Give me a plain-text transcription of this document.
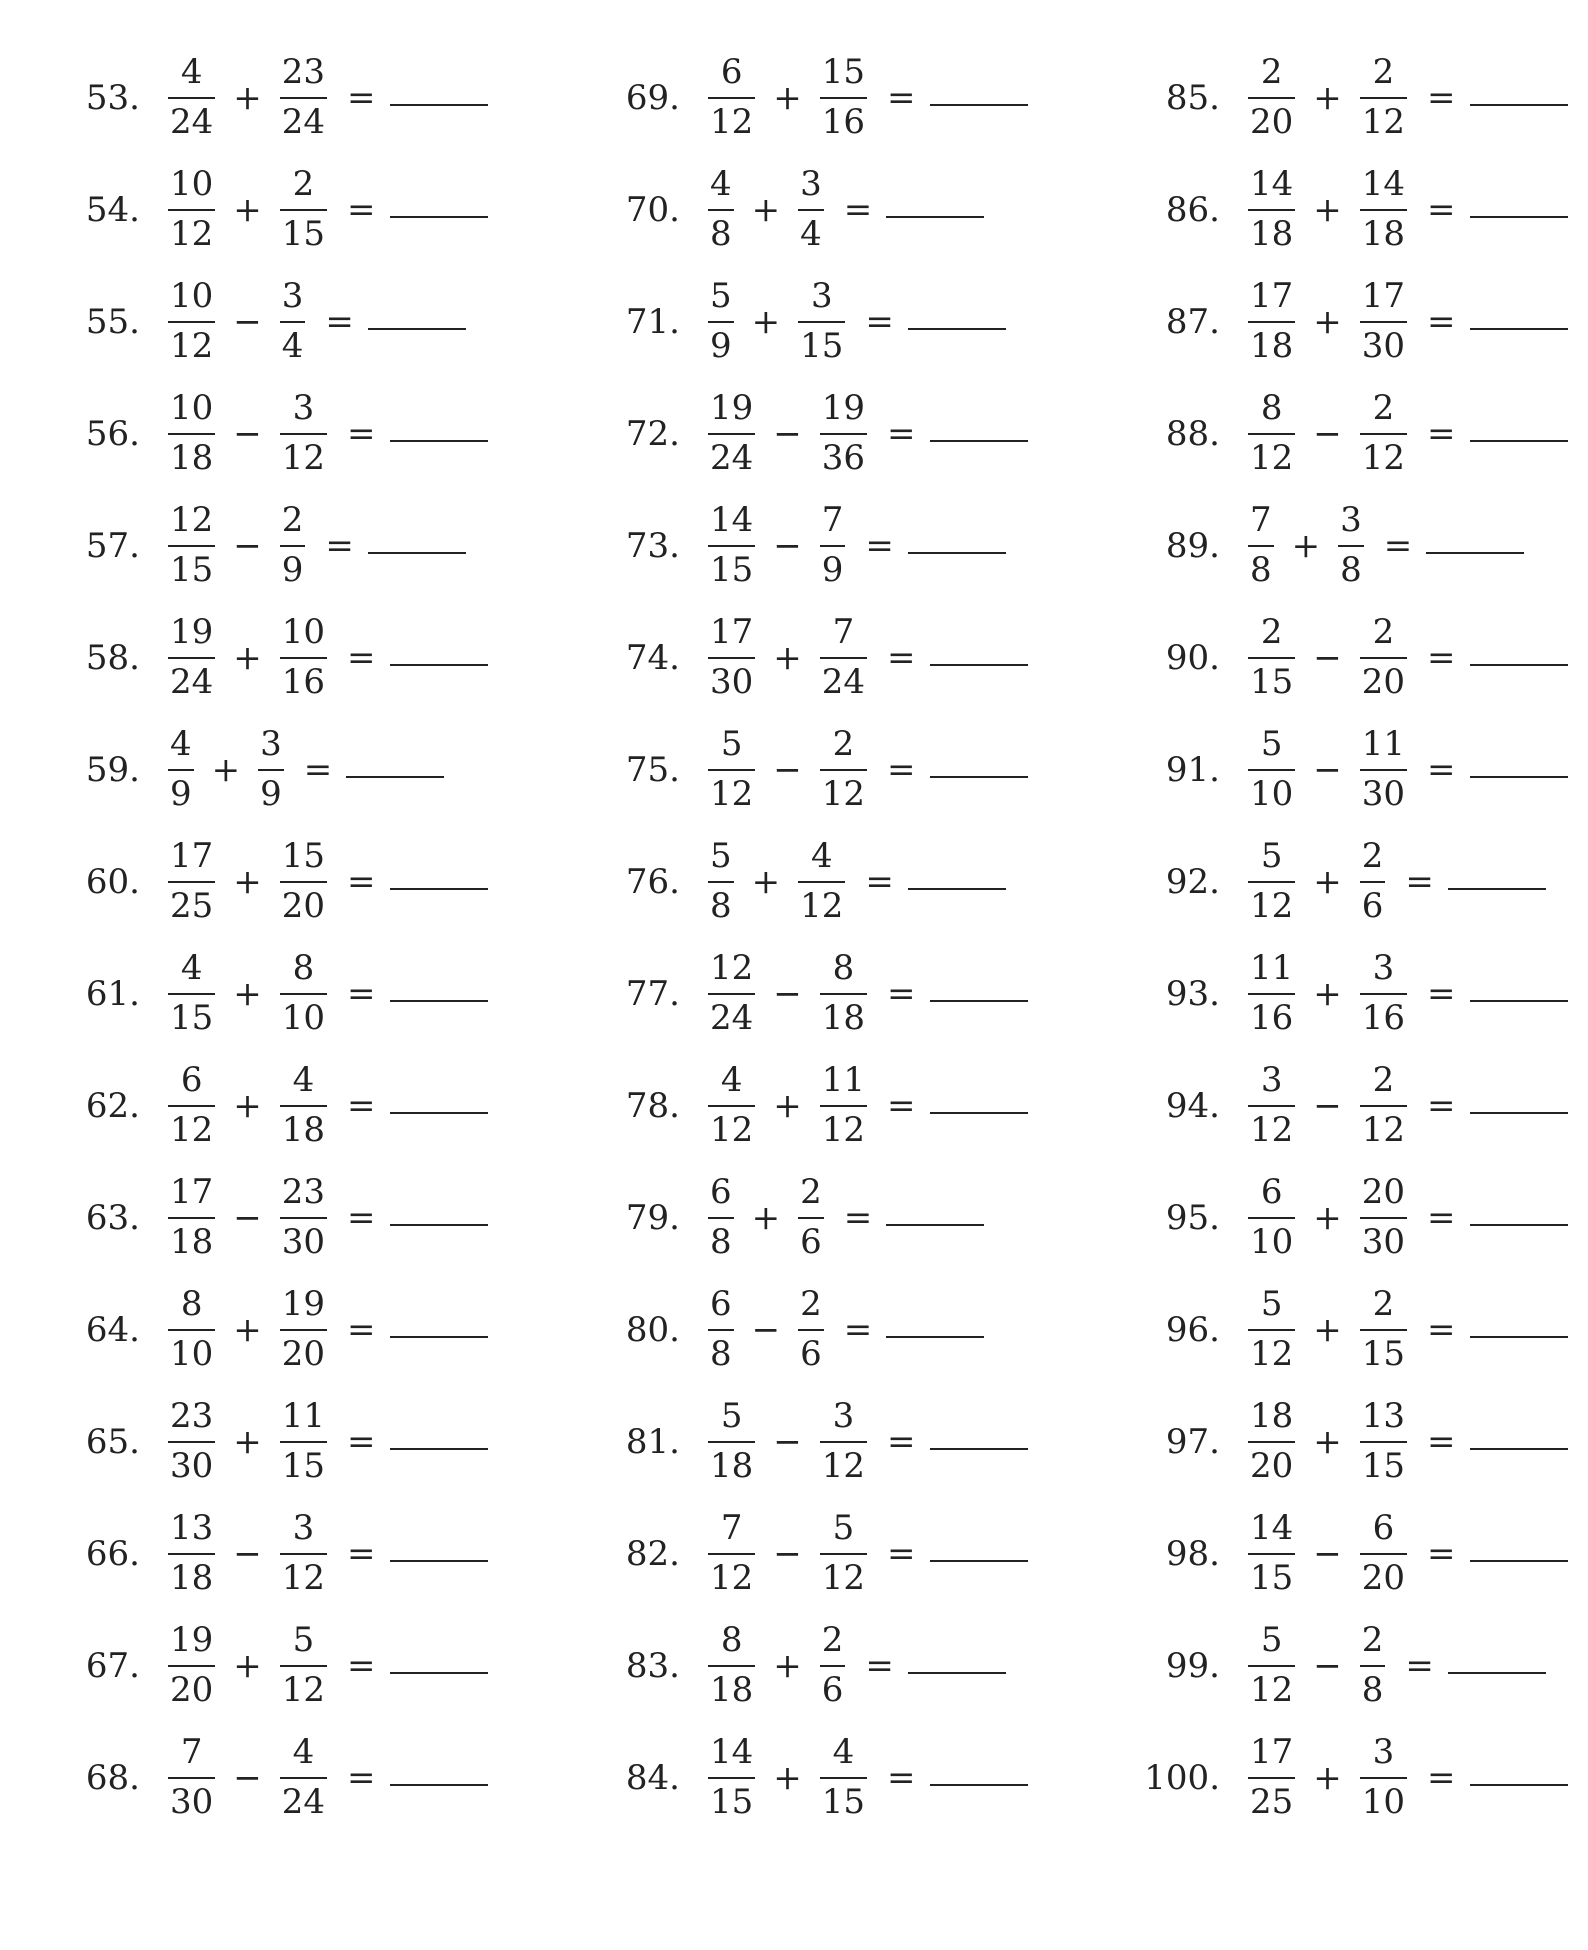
53. $\frac{4}{24} + \frac{23}{24}$ =
54. $\frac{10}{12} + \frac{2}{15}$ =
55. $\frac{10}{12} - \frac{3}{4}$ =
56. $\frac{10}{18} - \frac{3}{12}$ =
57. $\frac{12}{15} - \frac{2}{9}$ =
58. $\frac{19}{24} + \frac{10}{16}$ =
59. $\frac{4}{9} + \frac{3}{9}$ =
60. $\frac{17}{25} + \frac{15}{20}$ =
61. $\frac{4}{15} + \frac{8}{10}$ =
62. $\frac{6}{12} + \frac{4}{18}$ =
63. $\frac{17}{18} - \frac{23}{30}$ =
64. $\frac{8}{10} + \frac{19}{20}$ =
65. $\frac{23}{30} + \frac{11}{15}$ =
66. $\frac{13}{18} - \frac{3}{12}$ =
67. $\frac{19}{20} + \frac{5}{12}$ =
68. $\frac{7}{30} - \frac{4}{24}$ =
69. $\frac{6}{12} + \frac{15}{16}$ =
70. $\frac{4}{8} + \frac{3}{4}$ =
71. $\frac{5}{9} + \frac{3}{15}$ =
72. $\frac{19}{24} - \frac{19}{36}$ =
73. $\frac{14}{15} - \frac{7}{9}$ =
74. $\frac{17}{30} + \frac{7}{24}$ =
75. $\frac{5}{12} - \frac{2}{12}$ =
76. $\frac{5}{8} + \frac{4}{12}$ =
77. $\frac{12}{24} - \frac{8}{18}$ =
78. $\frac{4}{12} + \frac{11}{12}$ =
79. $\frac{6}{8} + \frac{2}{6}$ =
80. $\frac{6}{8} - \frac{2}{6}$ =
81. $\frac{5}{18} - \frac{3}{12}$ =
82. $\frac{7}{12} - \frac{5}{12}$ =
83. $\frac{8}{18} + \frac{2}{6}$ =
84. $\frac{14}{15} + \frac{4}{15}$ =
85. $\frac{2}{20} + \frac{2}{12}$ =
86. $\frac{14}{18} + \frac{14}{18}$ =
87. $\frac{17}{18} + \frac{17}{30}$ =
88. $\frac{8}{12} - \frac{2}{12}$ =
89. $\frac{7}{8} + \frac{3}{8}$ =
90. $\frac{2}{15} - \frac{2}{20}$ =
91. $\frac{5}{10} - \frac{11}{30}$ =
92. $\frac{5}{12} + \frac{2}{6}$ =
93. $\frac{11}{16} + \frac{3}{16}$ =
94. $\frac{3}{12} - \frac{2}{12}$ =
95. $\frac{6}{10} + \frac{20}{30}$ =
96. $\frac{5}{12} + \frac{2}{15}$ =
97. $\frac{18}{20} + \frac{13}{15}$ =
98. $\frac{14}{15} - \frac{6}{20}$ =
99. $\frac{5}{12} - \frac{2}{8}$ =
100. $\frac{17}{25} + \frac{3}{10}$ =
